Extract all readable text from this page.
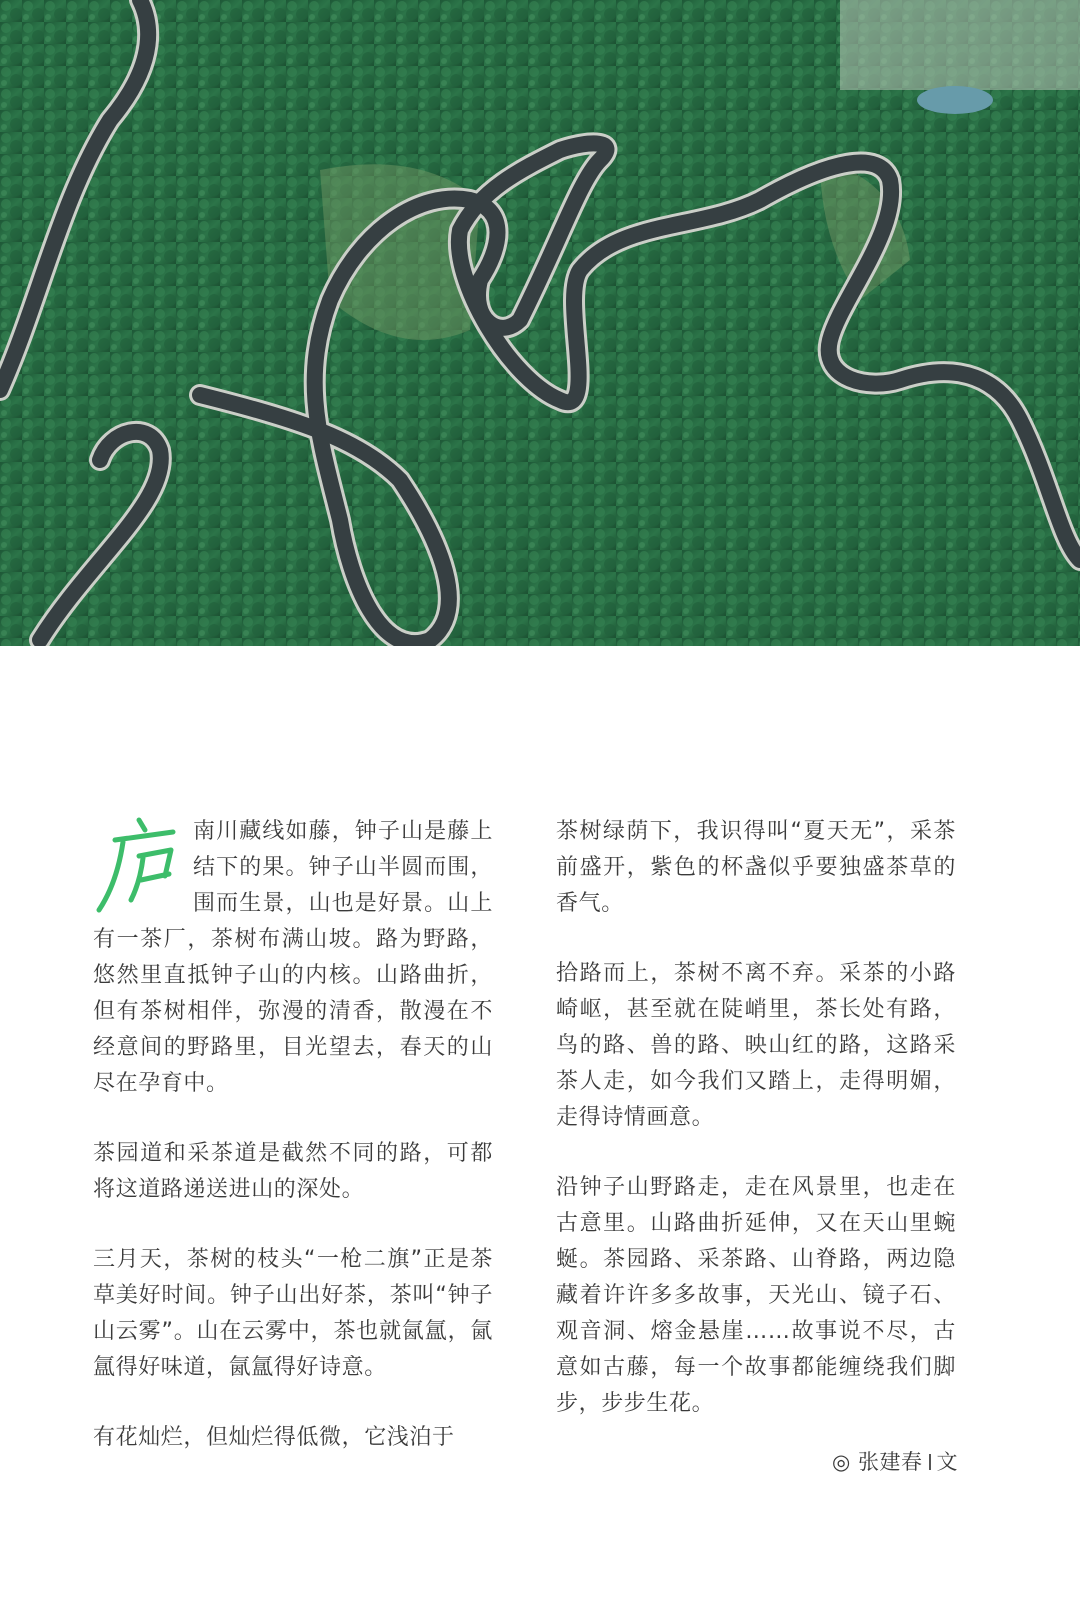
南川藏线如藤，钟子山是藤上结下的果。钟子山半圆而围，围而生景，山也是好景。山上有一茶厂，茶树布满山坡。路为野路，悠然里直抵钟子山的内核。山路曲折，但有茶树相伴，弥漫的清香，散漫在不经意间的野路里，目光望去，春天的山尽在孕育中。

茶园道和采茶道是截然不同的路，可都将这道路递送进山的深处。

三月天，茶树的枝头“一枪二旗”正是茶草美好时间。钟子山出好茶，茶叫“钟子山云雾”。山在云雾中，茶也就氤氲，氤氲得好味道，氤氲得好诗意。

有花灿烂，但灿烂得低微，它浅泊于

茶树绿荫下，我识得叫“夏天无”，采茶前盛开，紫色的杯盏似乎要独盛茶草的香气。

拾路而上，茶树不离不弃。采茶的小路崎岖，甚至就在陡峭里，茶长处有路，鸟的路、兽的路、映山红的路，这路采茶人走，如今我们又踏上，走得明媚，走得诗情画意。

沿钟子山野路走，走在风景里，也走在古意里。山路曲折延伸，又在天山里蜿蜒。茶园路、采茶路、山脊路，两边隐藏着许许多多故事，天光山、镜子石、观音洞、熔金悬崖……故事说不尽，古意如古藤，每一个故事都能缠绕我们脚步，步步生花。

◎ 张建春 文
